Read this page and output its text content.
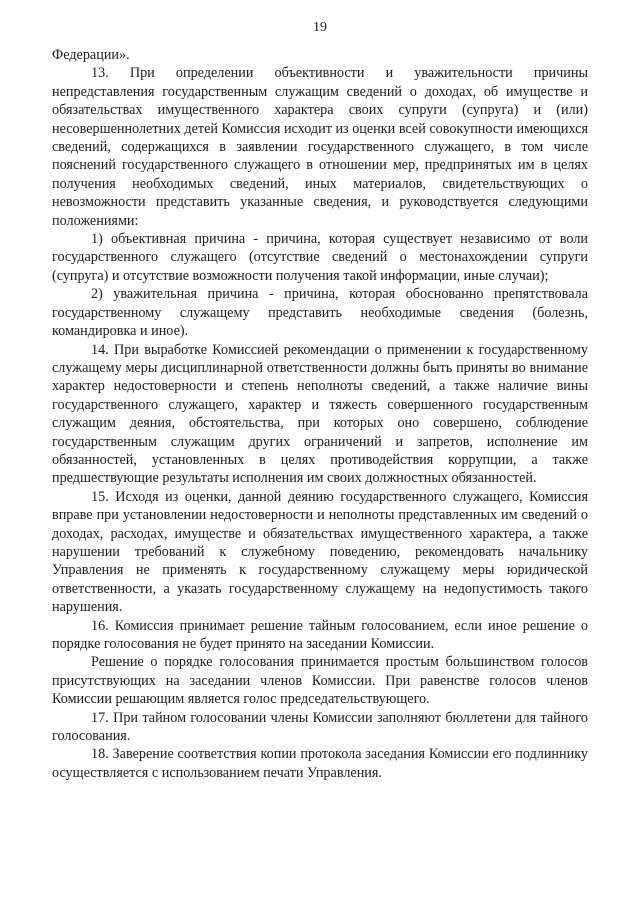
19

Федерации».

13. При определении объективности и уважительности причины непредставления государственным служащим сведений о доходах, об имуществе и обязательствах имущественного характера своих супруги (супруга) и (или) несовершеннолетних детей Комиссия исходит из оценки всей совокупности имеющихся сведений, содержащихся в заявлении государственного служащего, в том числе пояснений государственного служащего в отношении мер, предпринятых им в целях получения необходимых сведений, иных материалов, свидетельствующих о невозможности представить указанные сведения, и руководствуется следующими положениями:

1) объективная причина - причина, которая существует независимо от воли государственного служащего (отсутствие сведений о местонахождении супруги (супруга) и отсутствие возможности получения такой информации, иные случаи);

2) уважительная причина - причина, которая обоснованно препятствовала государственному служащему представить необходимые сведения (болезнь, командировка и иное).

14. При выработке Комиссией рекомендации о применении к государственному служащему меры дисциплинарной ответственности должны быть приняты во внимание характер недостоверности и степень неполноты сведений, а также наличие вины государственного служащего, характер и тяжесть совершенного государственным служащим деяния, обстоятельства, при которых оно совершено, соблюдение государственным служащим других ограничений и запретов, исполнение им обязанностей, установленных в целях противодействия коррупции, а также предшествующие результаты исполнения им своих должностных обязанностей.

15. Исходя из оценки, данной деянию государственного служащего, Комиссия вправе при установлении недостоверности и неполноты представленных им сведений о доходах, расходах, имуществе и обязательствах имущественного характера, а также нарушении требований к служебному поведению, рекомендовать начальнику Управления не применять к государственному служащему меры юридической ответственности, а указать государственному служащему на недопустимость такого нарушения.

16. Комиссия принимает решение тайным голосованием, если иное решение о порядке голосования не будет принято на заседании Комиссии.

Решение о порядке голосования принимается простым большинством голосов присутствующих на заседании членов Комиссии. При равенстве голосов членов Комиссии решающим является голос председательствующего.

17. При тайном голосовании члены Комиссии заполняют бюллетени для тайного голосования.

18. Заверение соответствия копии протокола заседания Комиссии его подлиннику осуществляется с использованием печати Управления.
